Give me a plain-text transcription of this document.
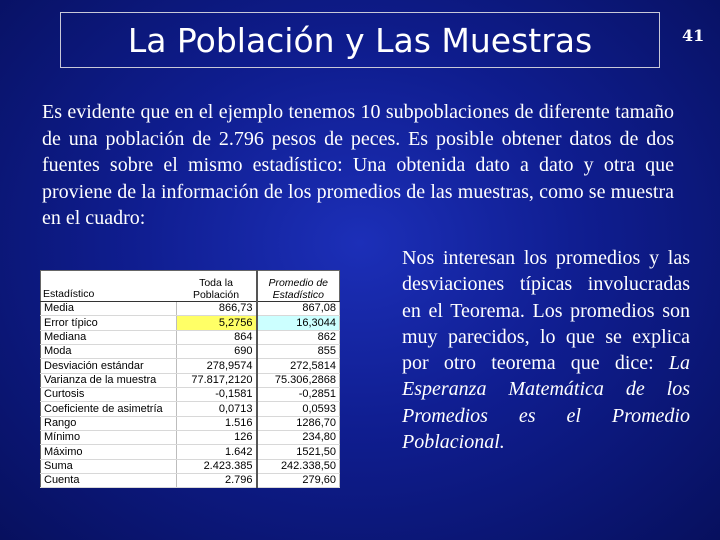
La Población y Las Muestras	41

Es evidente que en el ejemplo tenemos 10 subpoblaciones de diferente tamaño de una población de 2.796 pesos de peces. Es posible obtener datos de dos fuentes sobre el mismo estadístico: Una obtenida dato a dato y otra que proviene de la información de los promedios de las muestras, como se muestra en el cuadro:

Estadístico	Toda la Población	Promedio de Estadístico
Media	866,73	867,08
Error típico	5,2756	16,3044
Mediana	864	862
Moda	690	855
Desviación estándar	278,9574	272,5814
Varianza de la muestra	77.817,2120	75.306,2868
Curtosis	-0,1581	-0,2851
Coeficiente de asimetría	0,0713	0,0593
Rango	1.516	1286,70
Mínimo	126	234,80
Máximo	1.642	1521,50
Suma	2.423.385	242.338,50
Cuenta	2.796	279,60

Nos interesan los promedios y las desviaciones típicas involucradas en el Teorema. Los promedios son muy parecidos, lo que se explica por otro teorema que dice: La Esperanza Matemática de los Promedios es el Promedio Poblacional.
